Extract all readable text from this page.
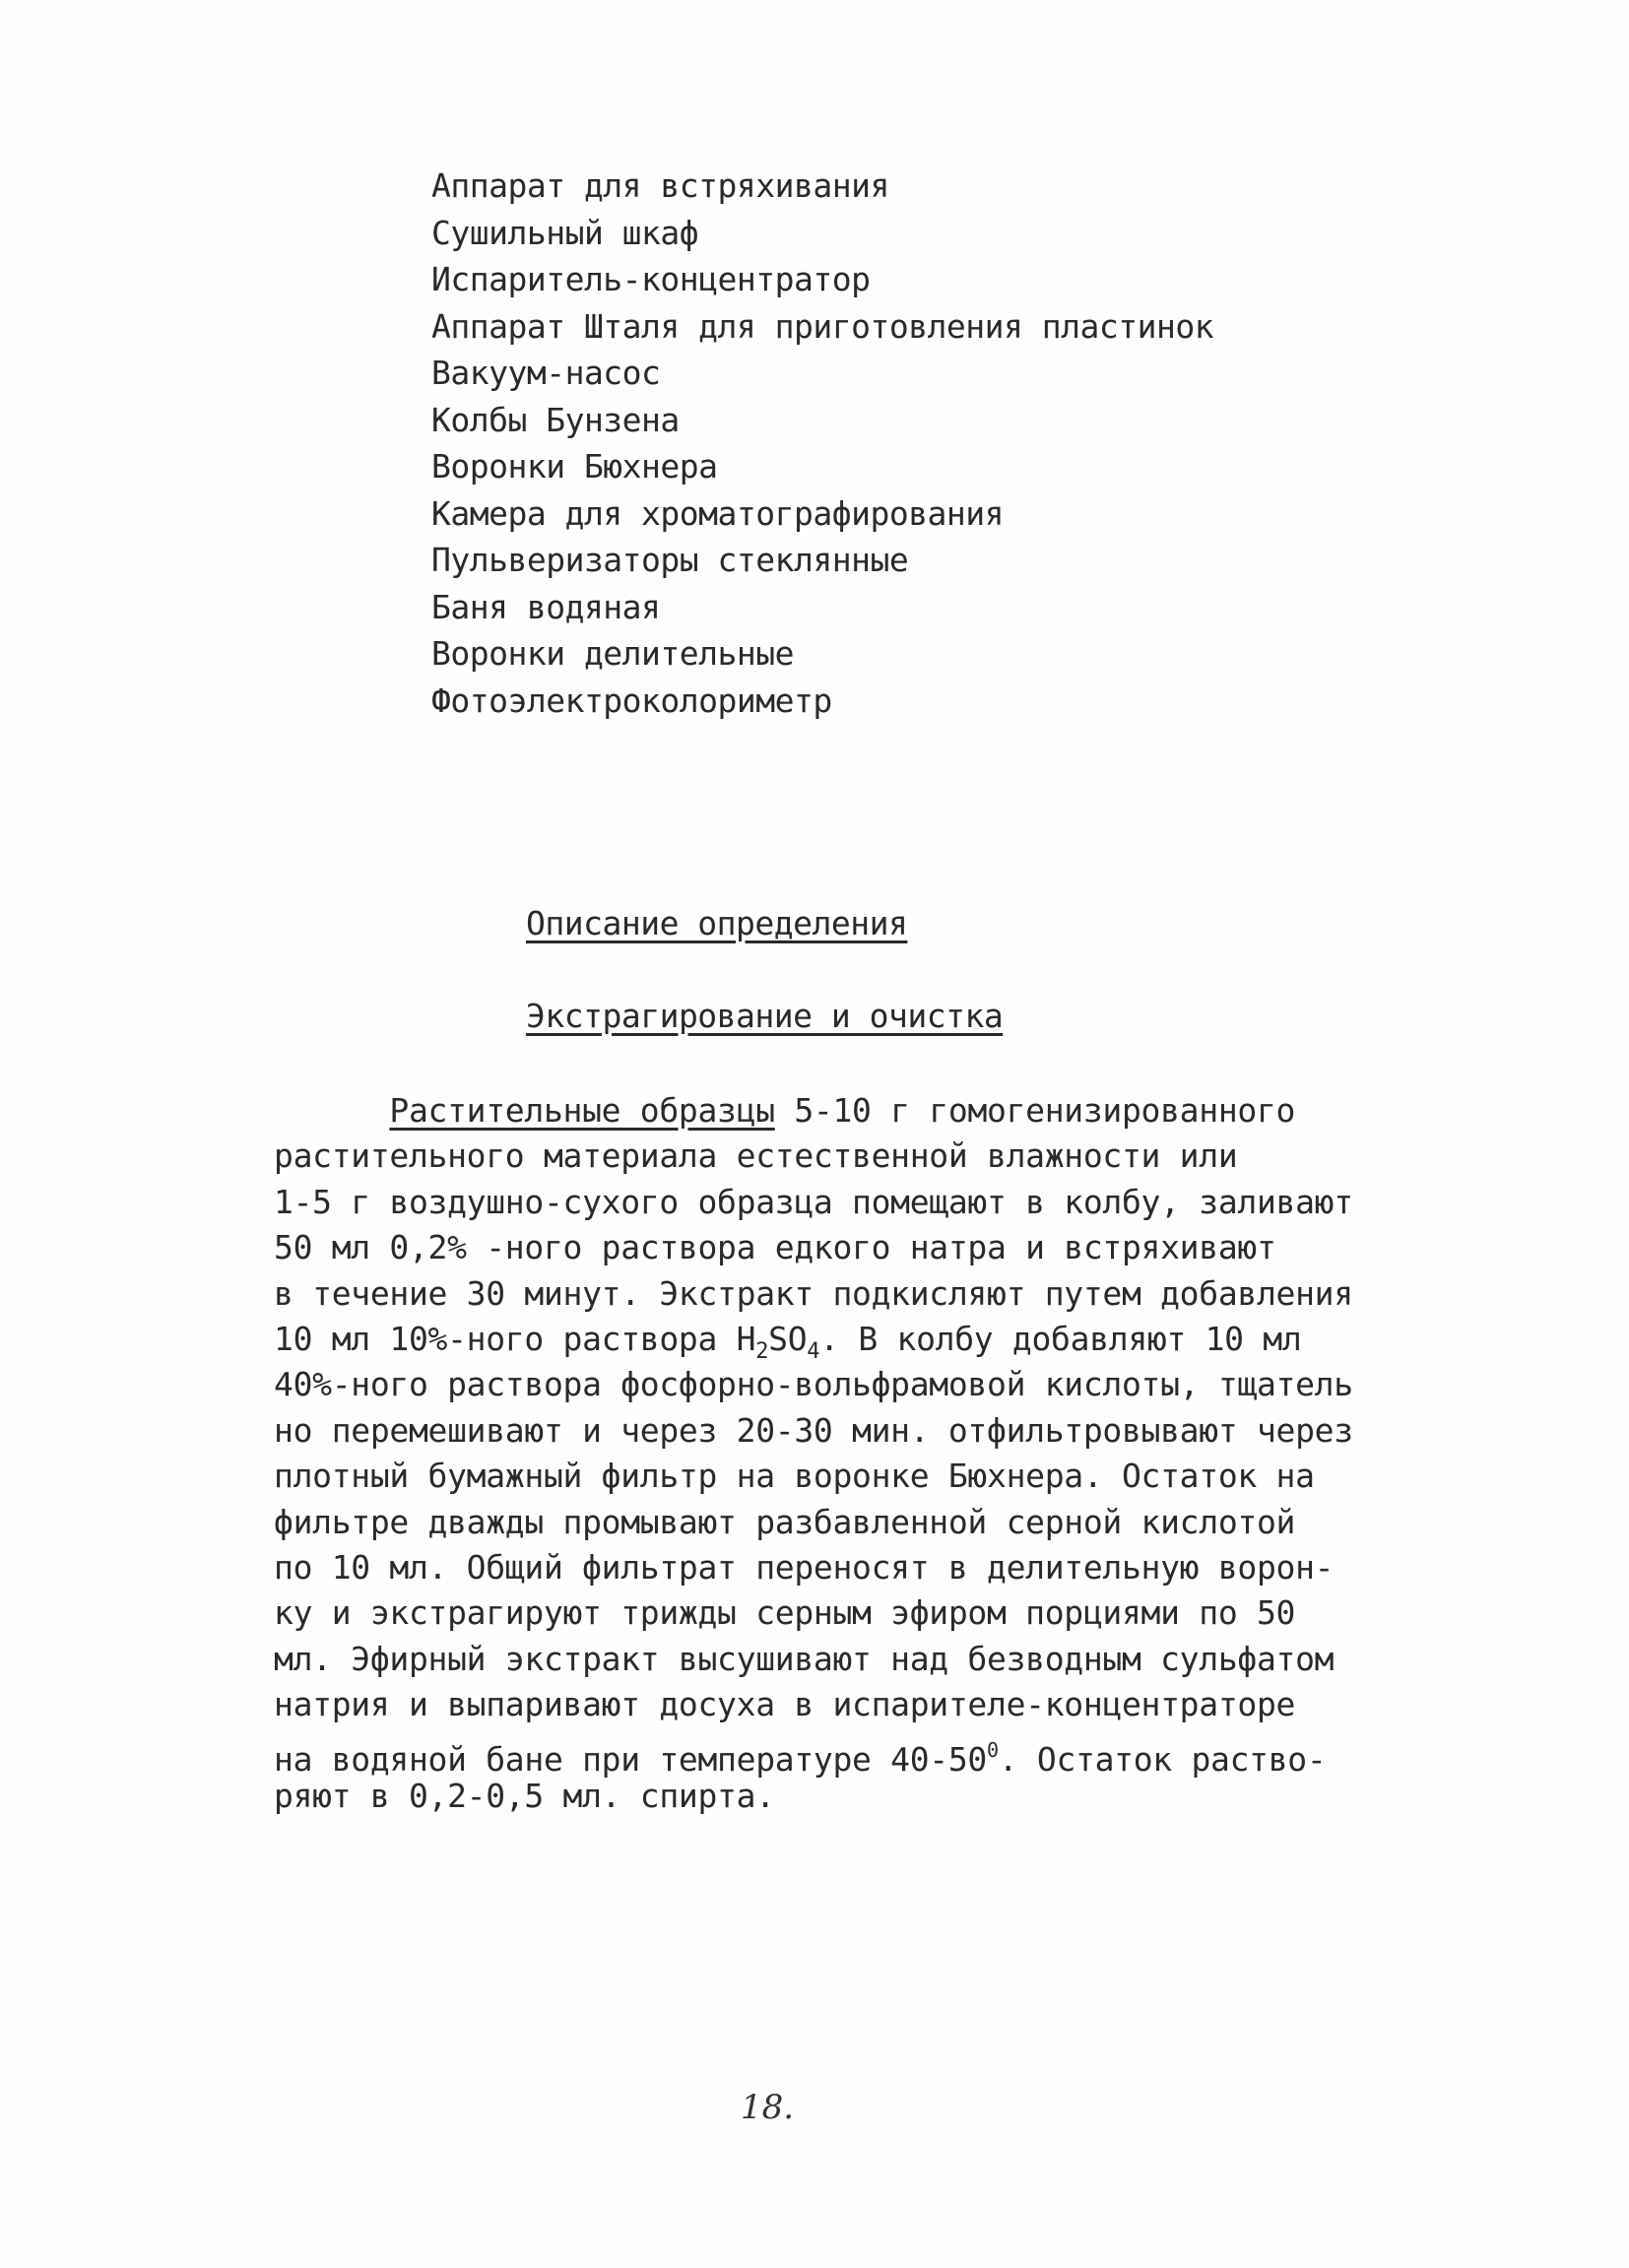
Аппарат для встряхивания
Сушильный шкаф
Испаритель-концентратор
Аппарат Шталя для приготовления пластинок
Вакуум-насос
Колбы Бунзена
Воронки Бюхнера
Камера для хроматографирования
Пульверизаторы стеклянные
Баня водяная
Воронки делительные
Фотоэлектроколориметр
Описание определения
Экстрагирование и очистка
Растительные образцы 5-10 г гомогенизированного
растительного материала естественной влажности или
1-5 г воздушно-сухого образца помещают в колбу, заливают
50 мл 0,2% -ного раствора едкого натра и встряхивают
в течение 30 минут. Экстракт подкисляют путем добавления
10 мл 10%-ного раствора $H_2SO_4$. В колбу добавляют 10 мл
40%-ного раствора фосфорно-вольфрамовой кислоты, тщатель
но перемешивают и через 20-30 мин. отфильтровывают через
плотный бумажный фильтр на воронке Бюхнера. Остаток на
фильтре дважды промывают разбавленной серной кислотой
по 10 мл. Общий фильтрат переносят в делительную ворон-
ку и экстрагируют трижды серным эфиром порциями по 50
мл. Эфирный экстракт высушивают над безводным сульфатом
натрия и выпаривают досуха в испарителе-концентраторе
на водяной бане при температуре $40-50^0$. Остаток раство-
ряют в 0,2-0,5 мл. спирта.
18.
